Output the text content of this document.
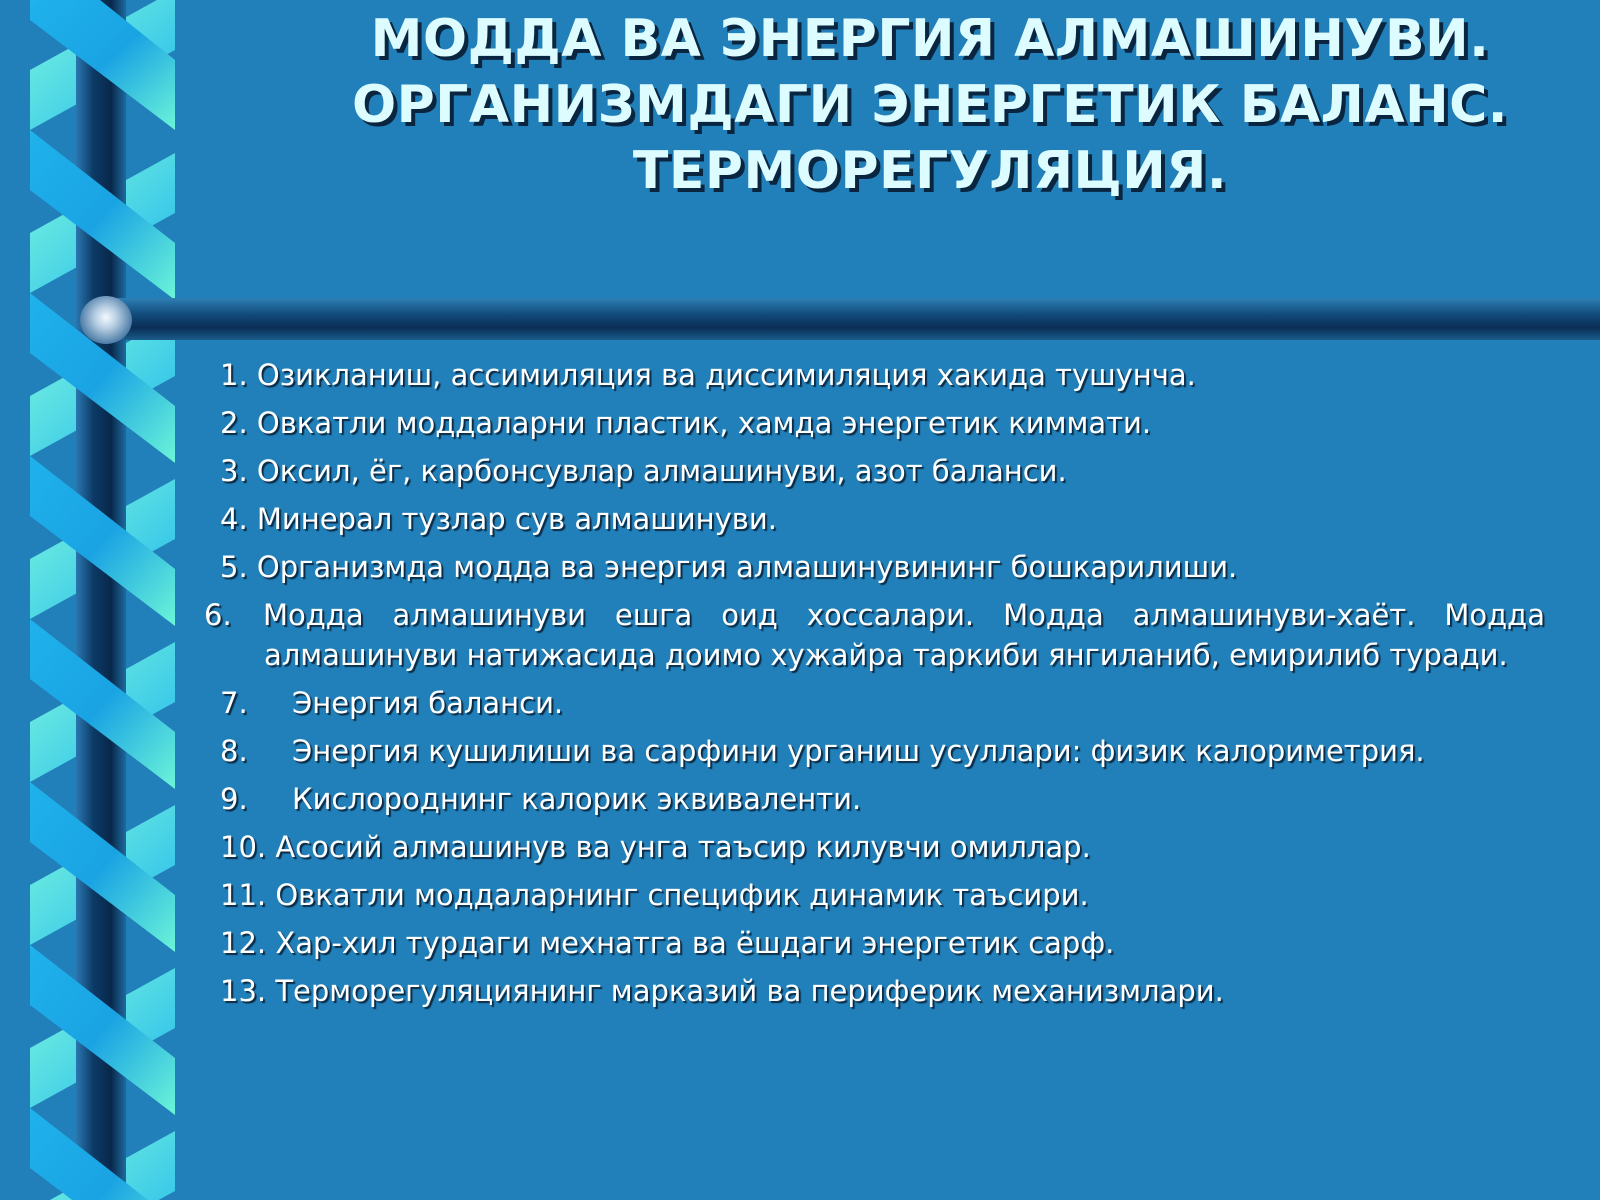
МОДДА ВА ЭНЕРГИЯ АЛМАШИНУВИ.
ОРГАНИЗМДАГИ ЭНЕРГЕТИК БАЛАНС.
ТЕРМОРЕГУЛЯЦИЯ.
1. Озикланиш, ассимиляция ва диссимиляция хакида тушунча.
2. Овкатли моддаларни пластик, хамда энергетик киммати.
3. Оксил, ёг, карбонсувлар алмашинуви, азот баланси.
4. Минерал тузлар сув алмашинуви.
5. Организмда модда ва энергия алмашинувининг бошкарилиши.
6. Модда алмашинуви ешга оид хоссалари. Модда алмашинуви-хаёт. Модда алмашинуви натижасида доимо хужайра таркиби янгиланиб, емирилиб туради.
7. Энергия баланси.
8. Энергия кушилиши ва сарфини урганиш усуллари: физик калориметрия.
9. Кислороднинг калорик эквиваленти.
10. Асосий алмашинув ва унга таъсир килувчи омиллар.
11. Овкатли моддаларнинг специфик динамик таъсири.
12. Хар-хил турдаги мехнатга ва ёшдаги энергетик сарф.
13. Терморегуляциянинг марказий ва периферик механизмлари.
